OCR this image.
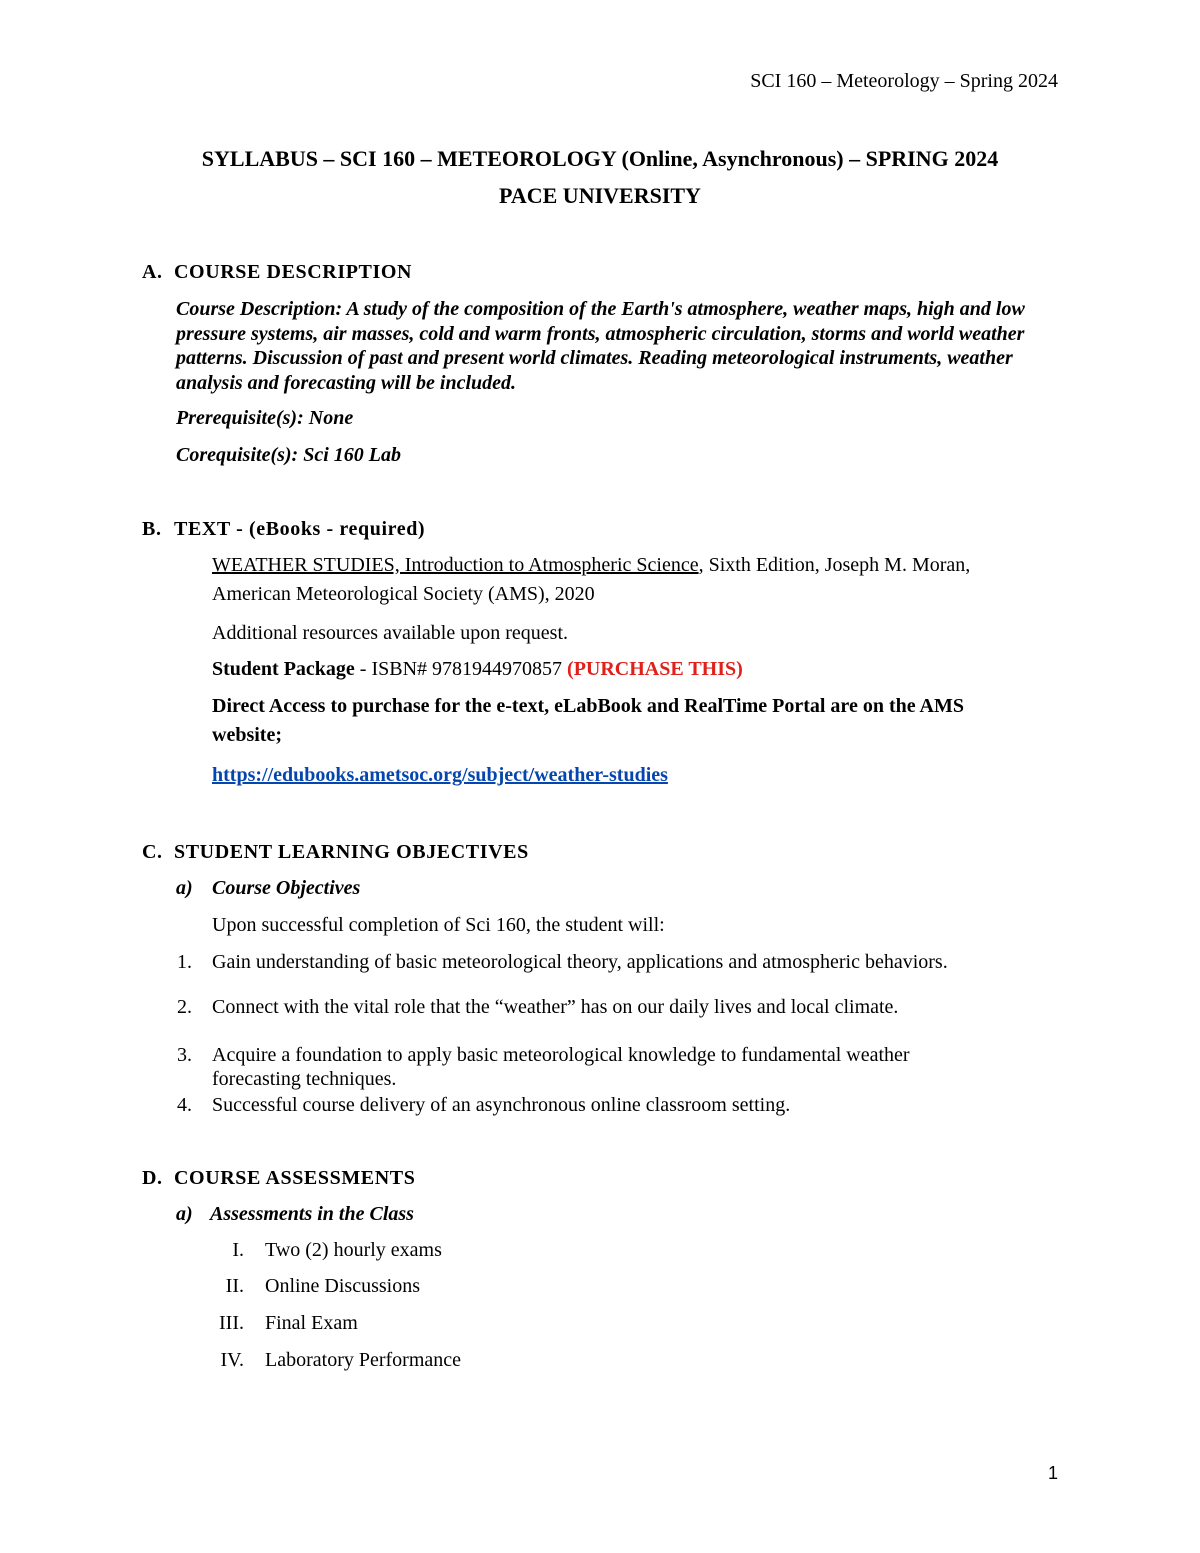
SCI 160 – Meteorology – Spring 2024
SYLLABUS – SCI 160 – METEOROLOGY (Online, Asynchronous) – SPRING 2024
PACE UNIVERSITY
A. COURSE DESCRIPTION
Course Description: A study of the composition of the Earth's atmosphere, weather maps, high and low pressure systems, air masses, cold and warm fronts, atmospheric circulation, storms and world weather patterns. Discussion of past and present world climates. Reading meteorological instruments, weather analysis and forecasting will be included.
Prerequisite(s): None
Corequisite(s): Sci 160 Lab
B. TEXT - (eBooks - required)
WEATHER STUDIES, Introduction to Atmospheric Science, Sixth Edition, Joseph M. Moran,
American Meteorological Society (AMS), 2020
Additional resources available upon request.
Student Package - ISBN# 9781944970857 (PURCHASE THIS)
Direct Access to purchase for the e-text, eLabBook and RealTime Portal are on the AMS
website;
https://edubooks.ametsoc.org/subject/weather-studies
C. STUDENT LEARNING OBJECTIVES
a) Course Objectives
Upon successful completion of Sci 160, the student will:
1. Gain understanding of basic meteorological theory, applications and atmospheric behaviors.
2. Connect with the vital role that the “weather” has on our daily lives and local climate.
3. Acquire a foundation to apply basic meteorological knowledge to fundamental weather
forecasting techniques.
4. Successful course delivery of an asynchronous online classroom setting.
D. COURSE ASSESSMENTS
a) Assessments in the Class
I. Two (2) hourly exams
II. Online Discussions
III. Final Exam
IV. Laboratory Performance
1
